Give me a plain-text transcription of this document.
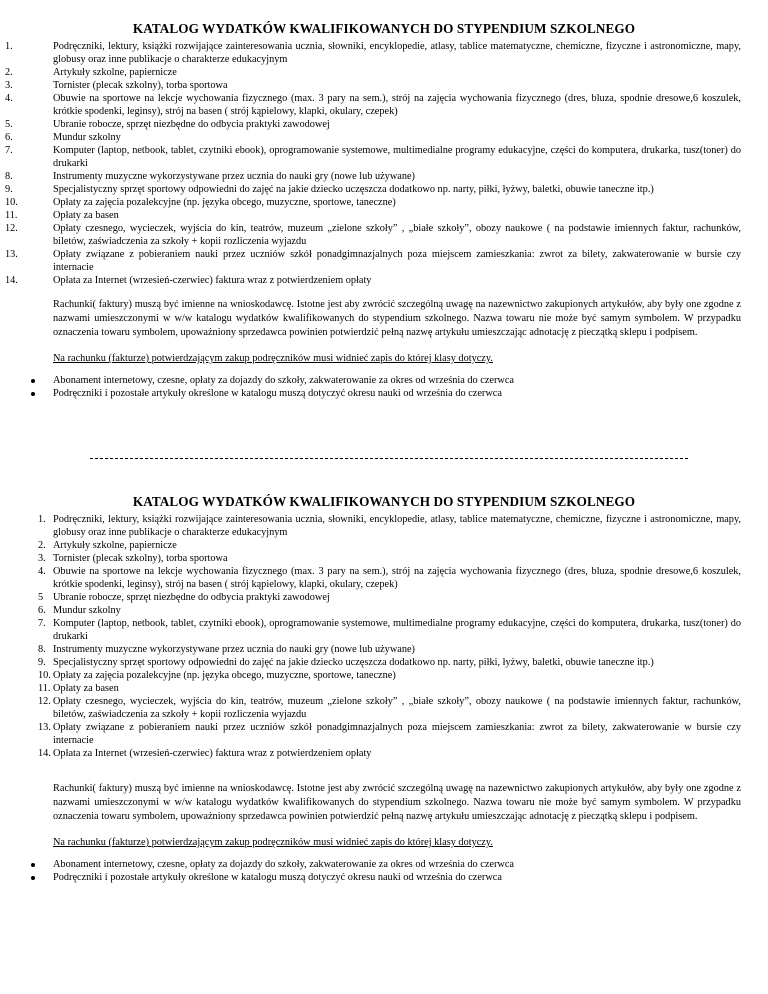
KATALOG WYDATKÓW KWALIFIKOWANYCH DO STYPENDIUM SZKOLNEGO
1.	Podręczniki, lektury, książki rozwijające zainteresowania ucznia, słowniki, encyklopedie, atlasy, tablice matematyczne, chemiczne, fizyczne i astronomiczne, mapy, globusy oraz inne publikacje o charakterze edukacyjnym
2.	Artykuły szkolne, papiernicze
3.	Tornister (plecak szkolny), torba sportowa
4.	Obuwie na sportowe na lekcje wychowania fizycznego (max. 3 pary na sem.), strój na zajęcia wychowania fizycznego (dres, bluza, spodnie dresowe,6 koszulek, krótkie spodenki, leginsy), strój na basen ( strój kąpielowy, klapki, okulary, czepek)
5.	Ubranie robocze, sprzęt niezbędne do odbycia praktyki zawodowej
6.	Mundur szkolny
7.	Komputer (laptop, netbook, tablet, czytniki ebook), oprogramowanie systemowe, multimedialne programy edukacyjne, części do komputera, drukarka, tusz(toner) do drukarki
8.	Instrumenty muzyczne wykorzystywane przez ucznia do nauki gry (nowe lub używane)
9.	Specjalistyczny sprzęt sportowy odpowiedni do zajęć na jakie dziecko uczęszcza dodatkowo np. narty, piłki, łyżwy, baletki, obuwie taneczne itp.)
10.	Opłaty za zajęcia pozalekcyjne (np. języka obcego, muzyczne, sportowe, taneczne)
11.	Opłaty za basen
12.	Opłaty czesnego, wycieczek, wyjścia do kin, teatrów, muzeum „zielone szkoły” , „białe szkoły”, obozy naukowe ( na podstawie imiennych faktur, rachunków, biletów, zaświadczenia za szkoły + kopii rozliczenia wyjazdu
13.	Opłaty związane z pobieraniem nauki przez uczniów szkół ponadgimnazjalnych poza miejscem zamieszkania: zwrot za bilety, zakwaterowanie w bursie czy internacie
14.	Opłata za Internet (wrzesień-czerwiec) faktura wraz z potwierdzeniem opłaty

Rachunki( faktury) muszą być imienne na wnioskodawcę. Istotne jest aby zwrócić szczególną uwagę na nazewnictwo zakupionych artykułów, aby były one zgodne z nazwami umieszczonymi w w/w katalogu wydatków kwalifikowanych do stypendium szkolnego. Nazwa towaru nie może być samym symbolem. W przypadku oznaczenia towaru symbolem, upoważniony sprzedawca powinien potwierdzić pełną nazwę artykułu umieszczając adnotację z pieczątką sklepu i podpisem.

Na rachunku (fakturze) potwierdzającym zakup podręczników musi widnieć zapis do której klasy dotyczy.

Abonament internetowy, czesne, opłaty za dojazdy do szkoły, zakwaterowanie za okres od września do czerwca
Podręczniki i pozostałe artykuły określone w katalogu muszą dotyczyć okresu nauki od września do czerwca
KATALOG WYDATKÓW KWALIFIKOWANYCH DO STYPENDIUM SZKOLNEGO
1. Podręczniki, lektury, książki rozwijające zainteresowania ucznia, słowniki, encyklopedie, atlasy, tablice matematyczne, chemiczne, fizyczne i astronomiczne, mapy, globusy oraz inne publikacje o charakterze edukacyjnym
2. Artykuły szkolne, papiernicze
3. Tornister (plecak szkolny), torba sportowa
4. Obuwie na sportowe na lekcje wychowania fizycznego (max. 3 pary na sem.), strój na zajęcia wychowania fizycznego (dres, bluza, spodnie dresowe,6 koszulek, krótkie spodenki, leginsy), strój na basen ( strój kąpielowy, klapki, okulary, czepek)
5 Ubranie robocze, sprzęt niezbędne do odbycia praktyki zawodowej
6. Mundur szkolny
7. Komputer (laptop, netbook, tablet, czytniki ebook), oprogramowanie systemowe, multimedialne programy edukacyjne, części do komputera, drukarka, tusz(toner) do drukarki
8. Instrumenty muzyczne wykorzystywane przez ucznia do nauki gry (nowe lub używane)
9. Specjalistyczny sprzęt sportowy odpowiedni do zajęć na jakie dziecko uczęszcza dodatkowo np. narty, piłki, łyżwy, baletki, obuwie taneczne itp.)
10. Opłaty za zajęcia pozalekcyjne (np. języka obcego, muzyczne, sportowe, taneczne)
11. Opłaty za basen
12. Opłaty czesnego, wycieczek, wyjścia do kin, teatrów, muzeum „zielone szkoły” , „białe szkoły”, obozy naukowe ( na podstawie imiennych faktur, rachunków, biletów, zaświadczenia za szkoły + kopii rozliczenia wyjazdu
13. Opłaty związane z pobieraniem nauki przez uczniów szkół ponadgimnazjalnych poza miejscem zamieszkania: zwrot za bilety, zakwaterowanie w bursie czy internacie
14. Opłata za Internet (wrzesień-czerwiec) faktura wraz z potwierdzeniem opłaty

Rachunki( faktury) muszą być imienne na wnioskodawcę. Istotne jest aby zwrócić szczególną uwagę na nazewnictwo zakupionych artykułów, aby były one zgodne z nazwami umieszczonymi w w/w katalogu wydatków kwalifikowanych do stypendium szkolnego. Nazwa towaru nie może być samym symbolem. W przypadku oznaczenia towaru symbolem, upoważniony sprzedawca powinien potwierdzić pełną nazwę artykułu umieszczając adnotację z pieczątką sklepu i podpisem.

Na rachunku (fakturze) potwierdzającym zakup podręczników musi widnieć zapis do której klasy dotyczy.

Abonament internetowy, czesne, opłaty za dojazdy do szkoły, zakwaterowanie za okres od września do czerwca
Podręczniki i pozostałe artykuły określone w katalogu muszą dotyczyć okresu nauki od września do czerwca
